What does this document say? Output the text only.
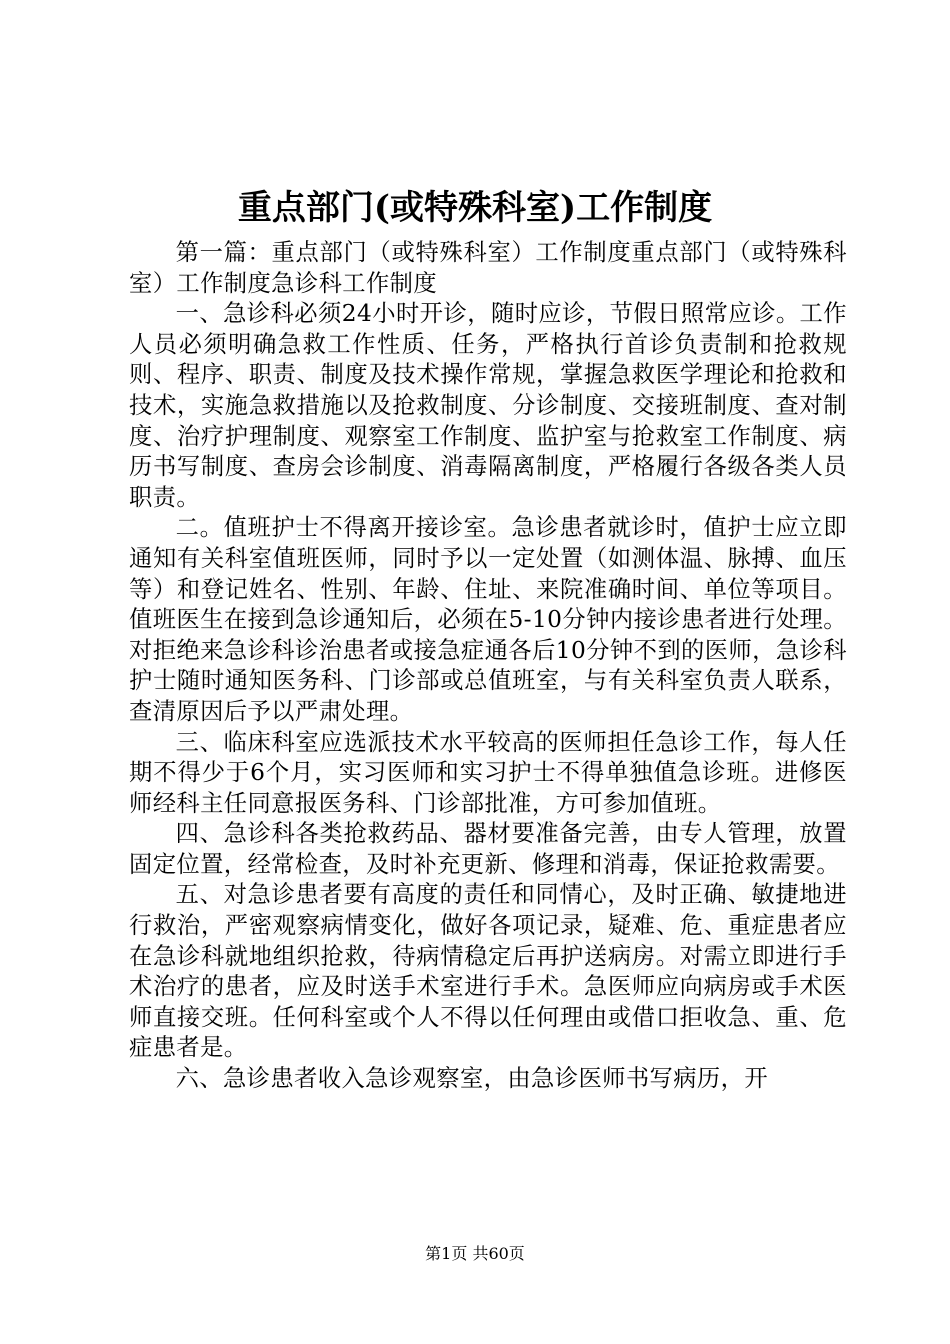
重点部门(或特殊科室)工作制度

第一篇：重点部门（或特殊科室）工作制度重点部门（或特殊科室）工作制度急诊科工作制度

一、急诊科必须24小时开诊，随时应诊，节假日照常应诊。工作人员必须明确急救工作性质、任务，严格执行首诊负责制和抢救规则、程序、职责、制度及技术操作常规，掌握急救医学理论和抢救和技术，实施急救措施以及抢救制度、分诊制度、交接班制度、查对制度、治疗护理制度、观察室工作制度、监护室与抢救室工作制度、病历书写制度、查房会诊制度、消毒隔离制度，严格履行各级各类人员职责。

二。值班护士不得离开接诊室。急诊患者就诊时，值护士应立即通知有关科室值班医师，同时予以一定处置（如测体温、脉搏、血压等）和登记姓名、性别、年龄、住址、来院准确时间、单位等项目。值班医生在接到急诊通知后，必须在5-10分钟内接诊患者进行处理。对拒绝来急诊科诊治患者或接急症通各后10分钟不到的医师，急诊科护士随时通知医务科、门诊部或总值班室，与有关科室负责人联系，查清原因后予以严肃处理。

三、临床科室应选派技术水平较高的医师担任急诊工作，每人任期不得少于6个月，实习医师和实习护士不得单独值急诊班。进修医师经科主任同意报医务科、门诊部批准，方可参加值班。

四、急诊科各类抢救药品、器材要准备完善，由专人管理，放置固定位置，经常检查，及时补充更新、修理和消毒，保证抢救需要。

五、对急诊患者要有高度的责任和同情心，及时正确、敏捷地进行救治，严密观察病情变化，做好各项记录，疑难、危、重症患者应在急诊科就地组织抢救，待病情稳定后再护送病房。对需立即进行手术治疗的患者，应及时送手术室进行手术。急医师应向病房或手术医师直接交班。任何科室或个人不得以任何理由或借口拒收急、重、危症患者是。

六、急诊患者收入急诊观察室，由急诊医师书写病历，开

第1页 共60页
